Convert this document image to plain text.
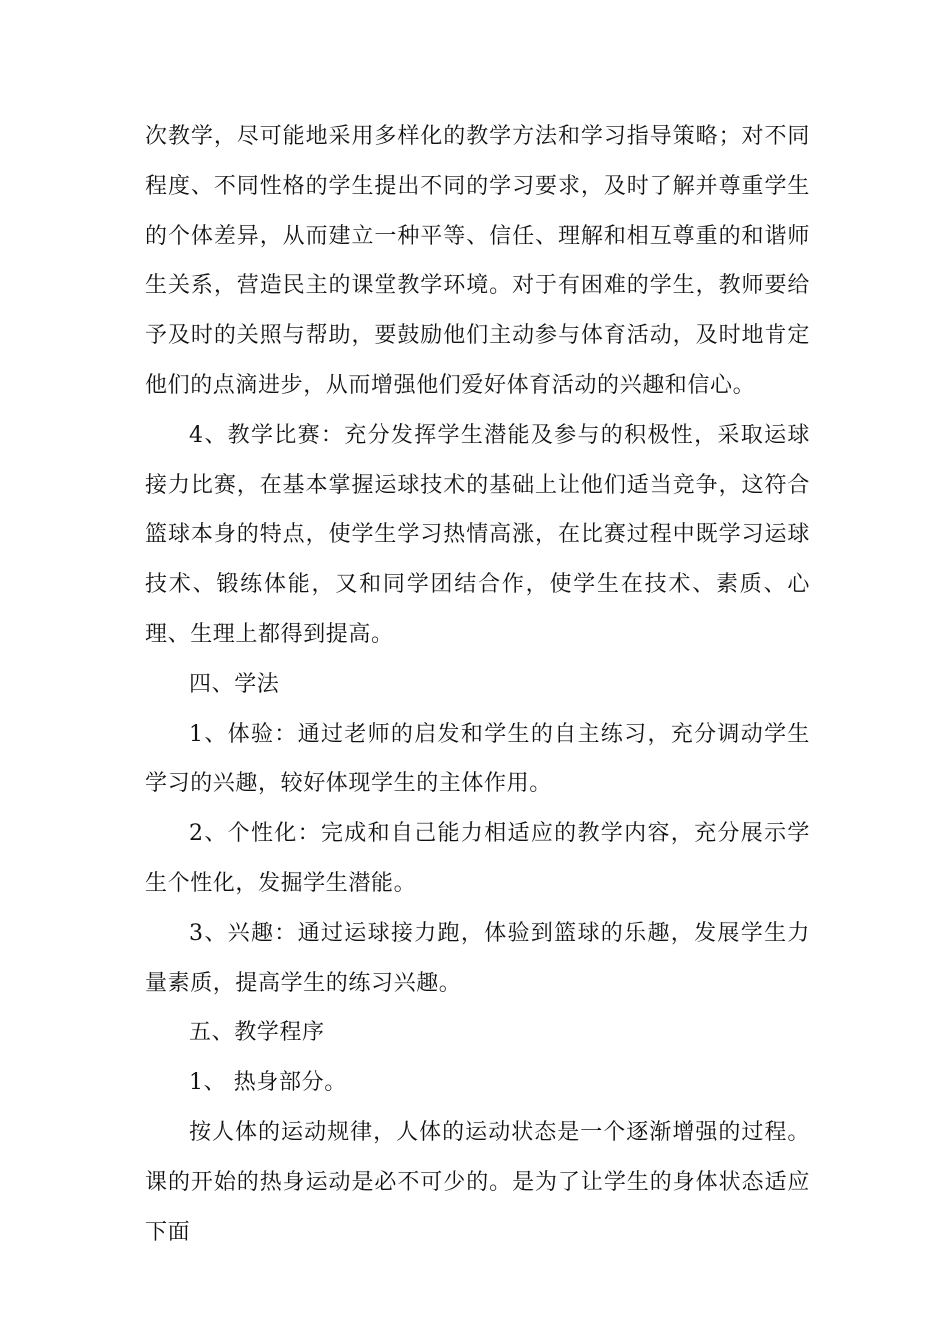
次教学，尽可能地采用多样化的教学方法和学习指导策略；对不同程度、不同性格的学生提出不同的学习要求，及时了解并尊重学生的个体差异，从而建立一种平等、信任、理解和相互尊重的和谐师生关系，营造民主的课堂教学环境。对于有困难的学生，教师要给予及时的关照与帮助，要鼓励他们主动参与体育活动，及时地肯定他们的点滴进步，从而增强他们爱好体育活动的兴趣和信心。

4、教学比赛：充分发挥学生潜能及参与的积极性，采取运球接力比赛，在基本掌握运球技术的基础上让他们适当竞争，这符合篮球本身的特点，使学生学习热情高涨，在比赛过程中既学习运球技术、锻练体能，又和同学团结合作，使学生在技术、素质、心理、生理上都得到提高。

四、学法

1、体验：通过老师的启发和学生的自主练习，充分调动学生学习的兴趣，较好体现学生的主体作用。

2、个性化：完成和自己能力相适应的教学内容，充分展示学生个性化，发掘学生潜能。

3、兴趣：通过运球接力跑，体验到篮球的乐趣，发展学生力量素质，提高学生的练习兴趣。

五、教学程序

1、 热身部分。

按人体的运动规律，人体的运动状态是一个逐渐增强的过程。课的开始的热身运动是必不可少的。是为了让学生的身体状态适应下面
